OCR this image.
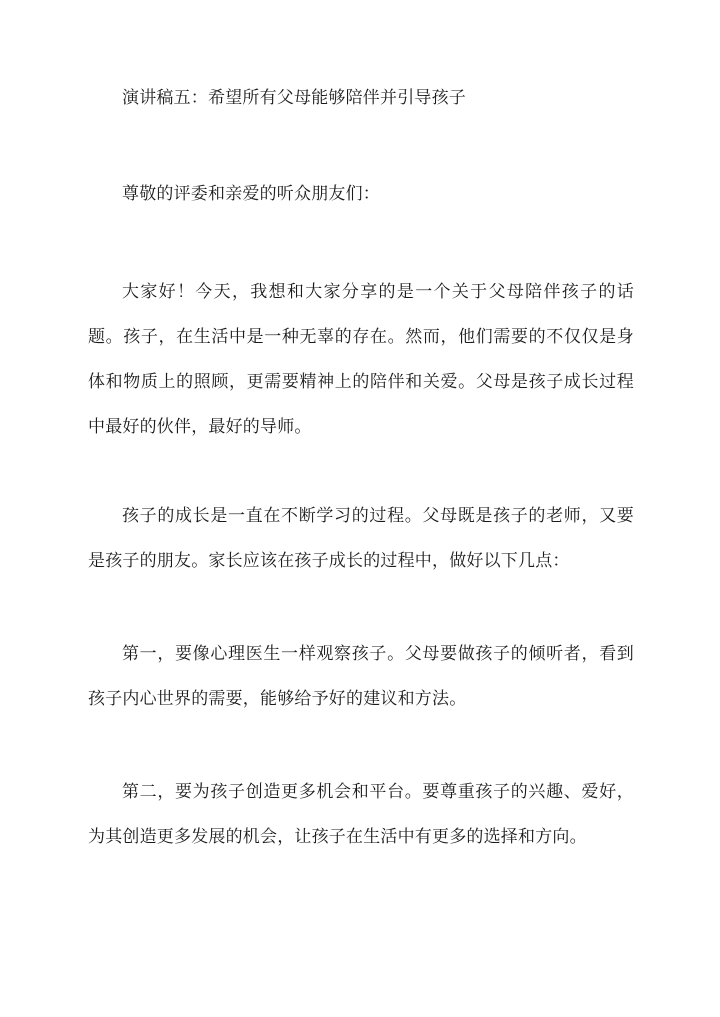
演讲稿五：希望所有父母能够陪伴并引导孩子

尊敬的评委和亲爱的听众朋友们：

大家好！今天，我想和大家分享的是一个关于父母陪伴孩子的话题。孩子，在生活中是一种无辜的存在。然而，他们需要的不仅仅是身体和物质上的照顾，更需要精神上的陪伴和关爱。父母是孩子成长过程中最好的伙伴，最好的导师。

孩子的成长是一直在不断学习的过程。父母既是孩子的老师，又要是孩子的朋友。家长应该在孩子成长的过程中，做好以下几点：

第一，要像心理医生一样观察孩子。父母要做孩子的倾听者，看到孩子内心世界的需要，能够给予好的建议和方法。

第二，要为孩子创造更多机会和平台。要尊重孩子的兴趣、爱好，为其创造更多发展的机会，让孩子在生活中有更多的选择和方向。
